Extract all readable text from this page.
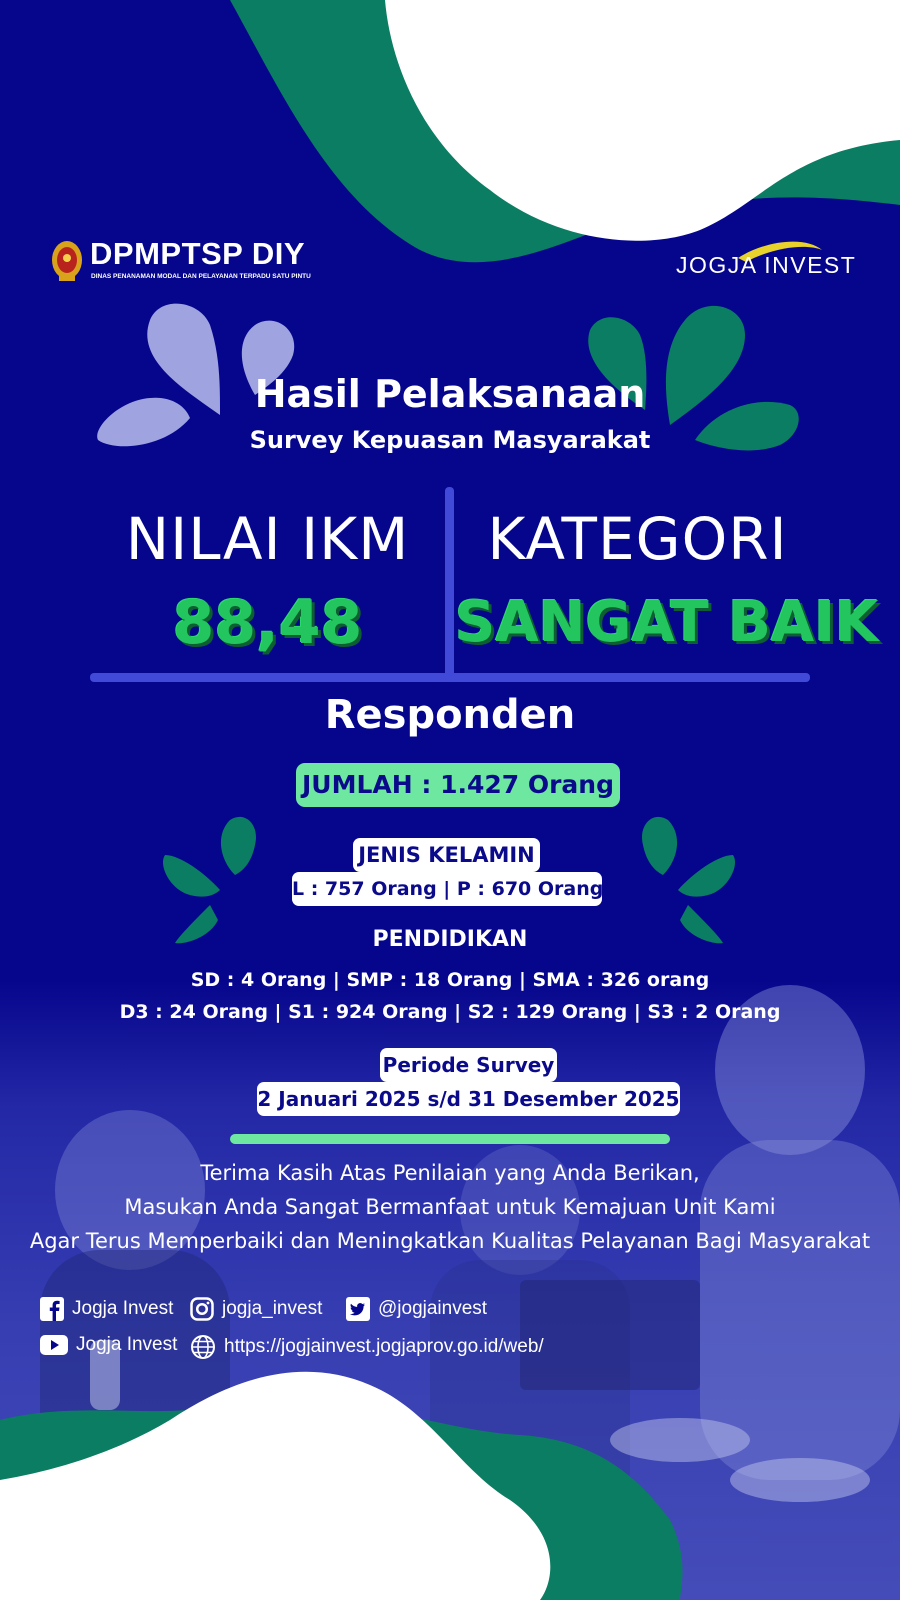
DPMPTSP DIY
DINAS PENANAMAN MODAL DAN PELAYANAN TERPADU SATU PINTU	JOGJA INVEST
Hasil Pelaksanaan
Survey Kepuasan Masyarakat
NILAI IKM
88,48
KATEGORI
SANGAT BAIK
Responden
JUMLAH : 1.427 Orang
JENIS KELAMIN
L : 757 Orang | P : 670 Orang
PENDIDIKAN
SD : 4 Orang | SMP : 18 Orang | SMA : 326 orang
D3 : 24 Orang | S1 : 924 Orang | S2 : 129 Orang | S3 : 2 Orang
Periode Survey
2 Januari 2025 s/d 31 Desember 2025
Terima Kasih Atas Penilaian yang Anda Berikan,
Masukan Anda Sangat Bermanfaat untuk Kemajuan Unit Kami
Agar Terus Memperbaiki dan Meningkatkan Kualitas Pelayanan Bagi Masyarakat
Jogja Invest	jogja_invest	@jogjainvest
Jogja Invest https://jogjainvest.jogjaprov.go.id/web/
